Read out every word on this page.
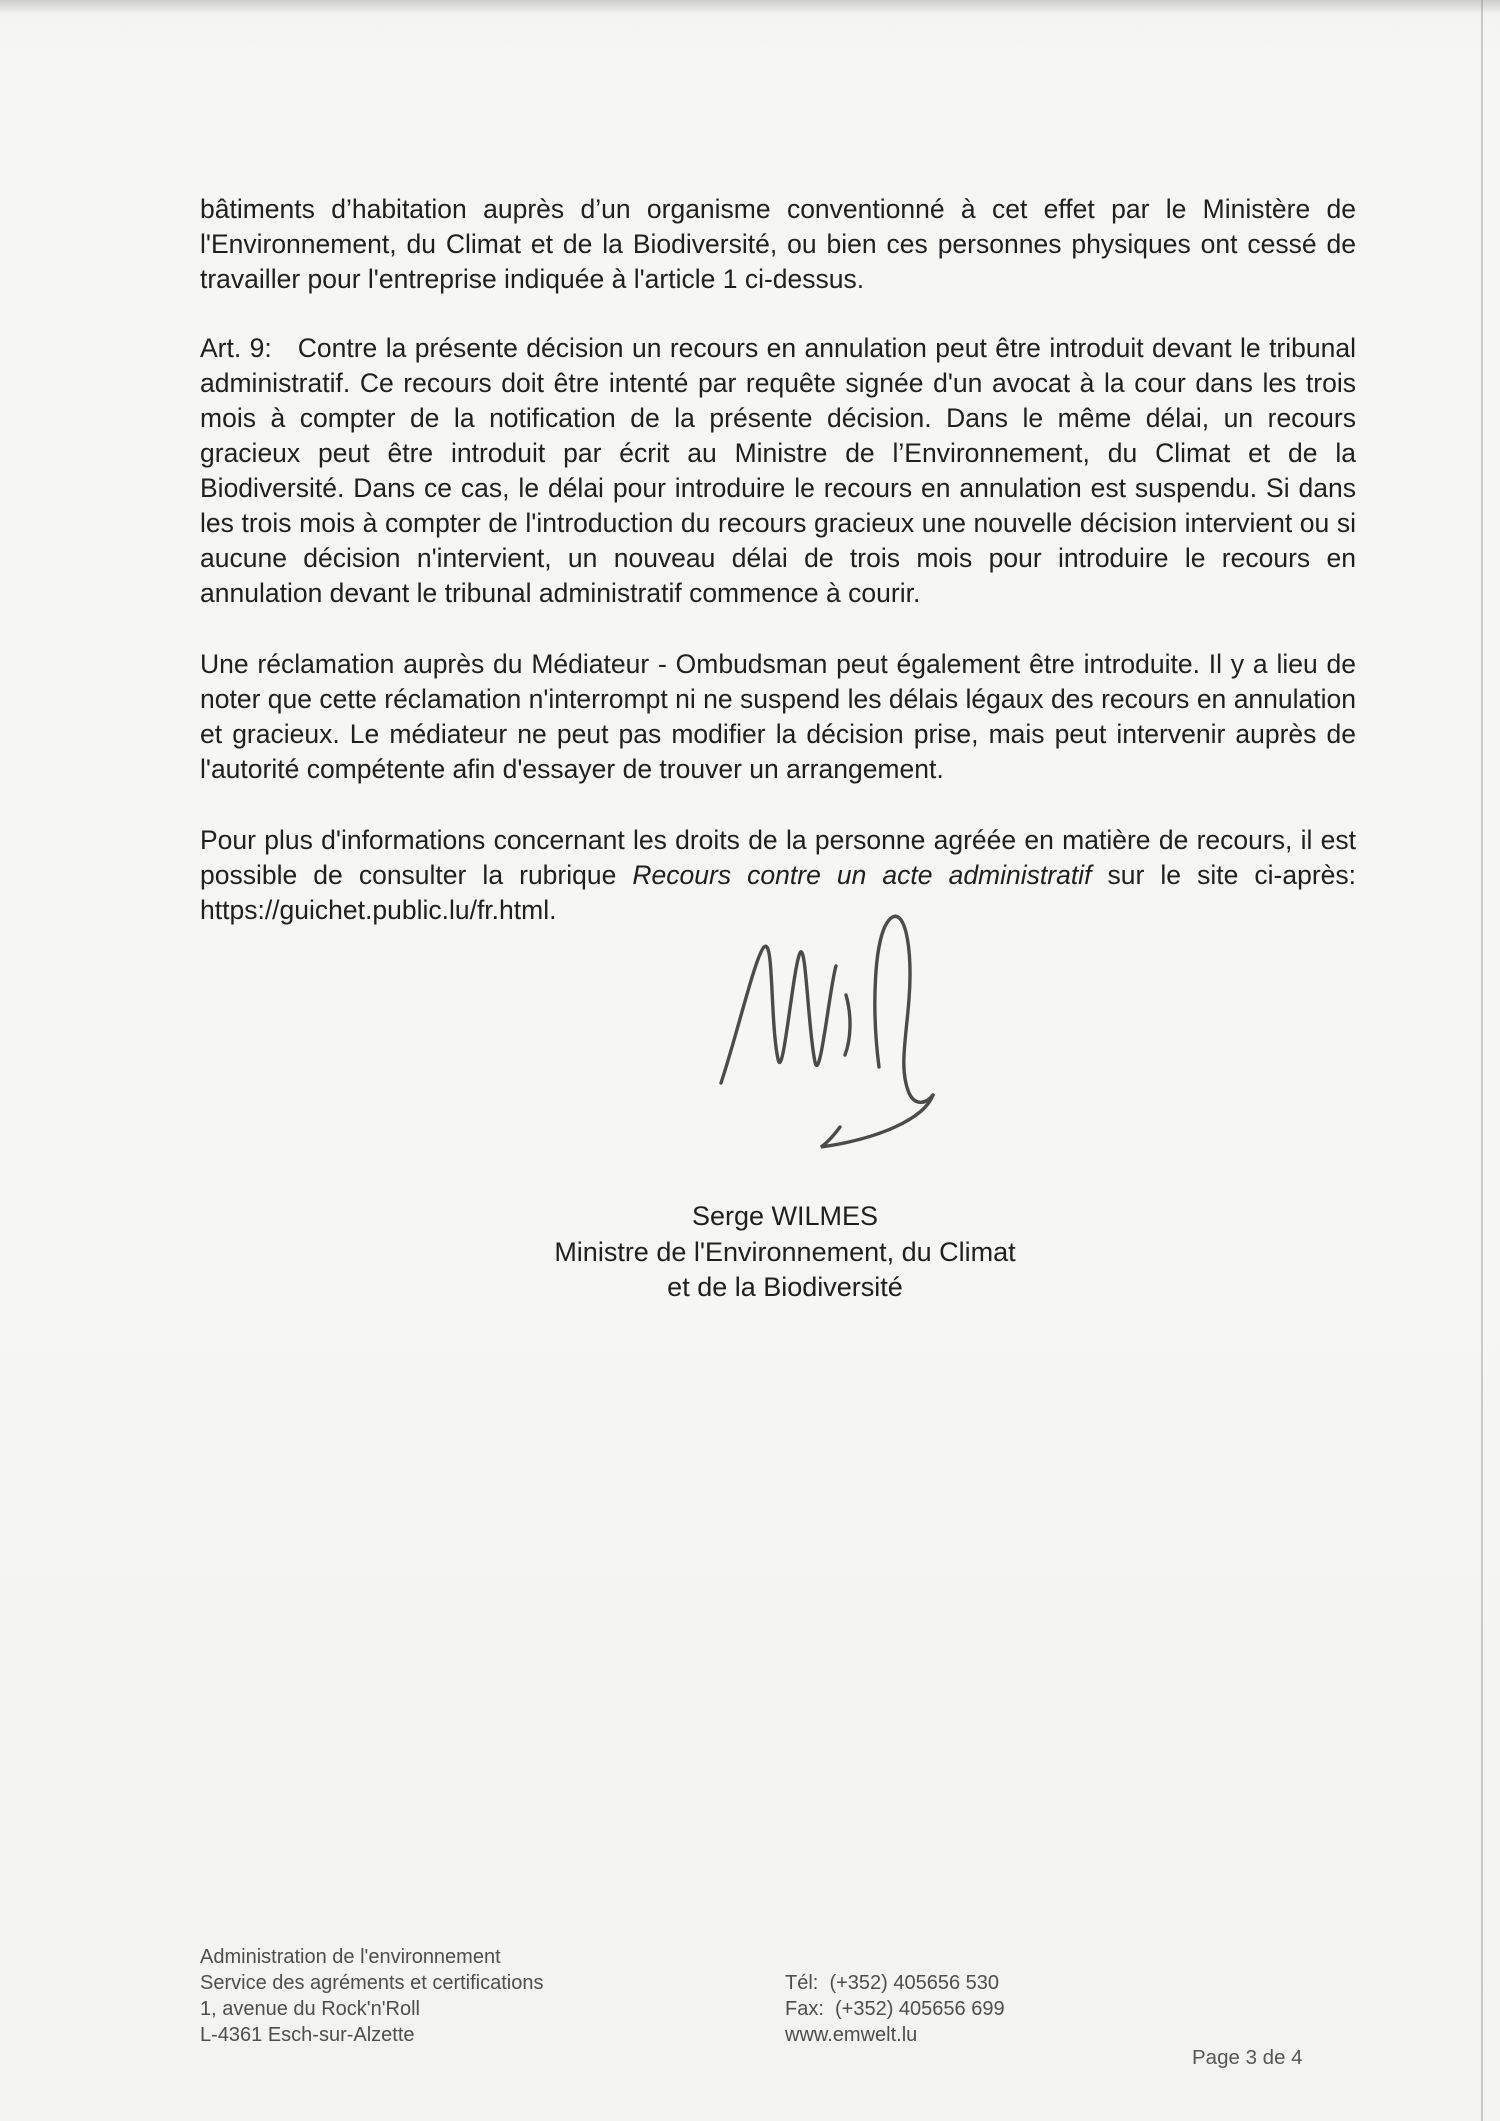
bâtiments d’habitation auprès d’un organisme conventionné à cet effet par le Ministère de l'Environnement, du Climat et de la Biodiversité, ou bien ces personnes physiques ont cessé de travailler pour l'entreprise indiquée à l'article 1 ci-dessus.

Art. 9: Contre la présente décision un recours en annulation peut être introduit devant le tribunal administratif. Ce recours doit être intenté par requête signée d'un avocat à la cour dans les trois mois à compter de la notification de la présente décision. Dans le même délai, un recours gracieux peut être introduit par écrit au Ministre de l’Environnement, du Climat et de la Biodiversité. Dans ce cas, le délai pour introduire le recours en annulation est suspendu. Si dans les trois mois à compter de l'introduction du recours gracieux une nouvelle décision intervient ou si aucune décision n'intervient, un nouveau délai de trois mois pour introduire le recours en annulation devant le tribunal administratif commence à courir.

Une réclamation auprès du Médiateur - Ombudsman peut également être introduite. Il y a lieu de noter que cette réclamation n'interrompt ni ne suspend les délais légaux des recours en annulation et gracieux. Le médiateur ne peut pas modifier la décision prise, mais peut intervenir auprès de l'autorité compétente afin d'essayer de trouver un arrangement.

Pour plus d'informations concernant les droits de la personne agréée en matière de recours, il est possible de consulter la rubrique Recours contre un acte administratif sur le site ci-après: https://guichet.public.lu/fr.html.

Serge WILMES
Ministre de l'Environnement, du Climat
et de la Biodiversité
Administration de l'environnement
Service des agréments et certifications
1, avenue du Rock'n'Roll
L-4361 Esch-sur-Alzette
Tél:  (+352) 405656 530
Fax:  (+352) 405656 699
www.emwelt.lu
Page 3 de 4
